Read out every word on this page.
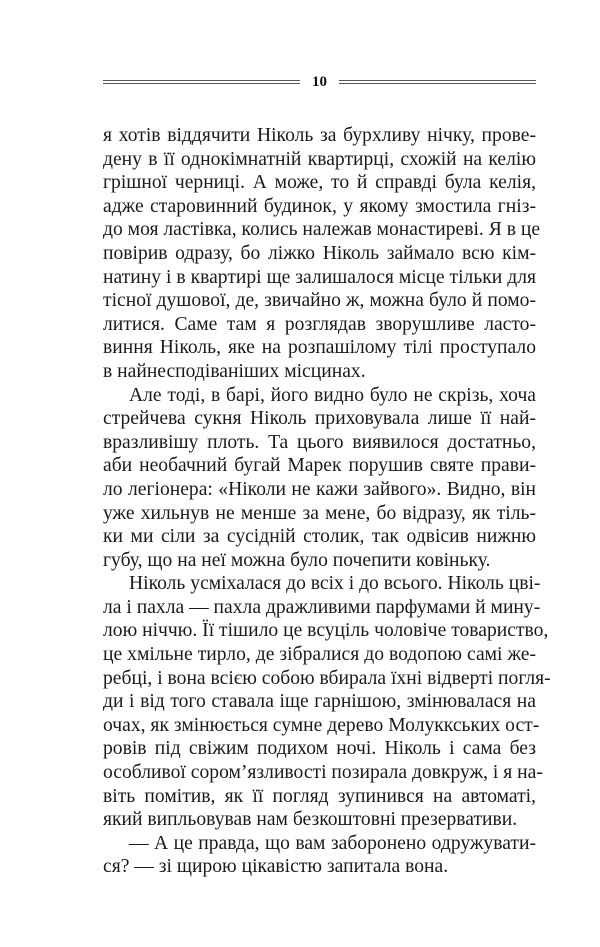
10
я хотів віддячити Ніколь за бурхливу нічку, прове-
дену в її однокімнатній квартирці, схожій на келію
грішної черниці. А може, то й справді була келія,
адже старовинний будинок, у якому змостила гніз-
до моя ластівка, колись належав монастиреві. Я в це
повірив одразу, бо ліжко Ніколь займало всю кім-
натину і в квартирі ще залишалося місце тільки для
тісної душової, де, звичайно ж, можна було й помо-
литися. Саме там я розглядав зворушливе ласто-
виння Ніколь, яке на розпашілому тілі проступало
в найнесподіваніших місцинах.
Але тоді, в барі, його видно було не скрізь, хоча
стрейчева сукня Ніколь приховувала лише її най-
вразливішу плоть. Та цього виявилося достатньо,
аби необачний бугай Марек порушив святе прави-
ло легіонера: «Ніколи не кажи зайвого». Видно, він
уже хильнув не менше за мене, бо відразу, як тіль-
ки ми сіли за сусідній столик, так одвісив нижню
губу, що на неї можна було почепити ковіньку.
Ніколь усміхалася до всіх і до всього. Ніколь цві-
ла і пахла — пахла дражливими парфумами й мину-
лою ніччю. Її тішило це всуціль чоловіче товариство,
це хмільне тирло, де зібралися до водопою самі же-
ребці, і вона всією собою вбирала їхні відверті погля-
ди і від того ставала іще гарнішою, змінювалася на
очах, як змінюється сумне дерево Молуккських ост-
ровів під свіжим подихом ночі. Ніколь і сама без
особливої сором’язливості позирала довкруж, і я на-
віть помітив, як її погляд зупинився на автоматі,
який випльовував нам безкоштовні презервативи.
— А це правда, що вам заборонено одружувати-
ся? — зі щирою цікавістю запитала вона.
